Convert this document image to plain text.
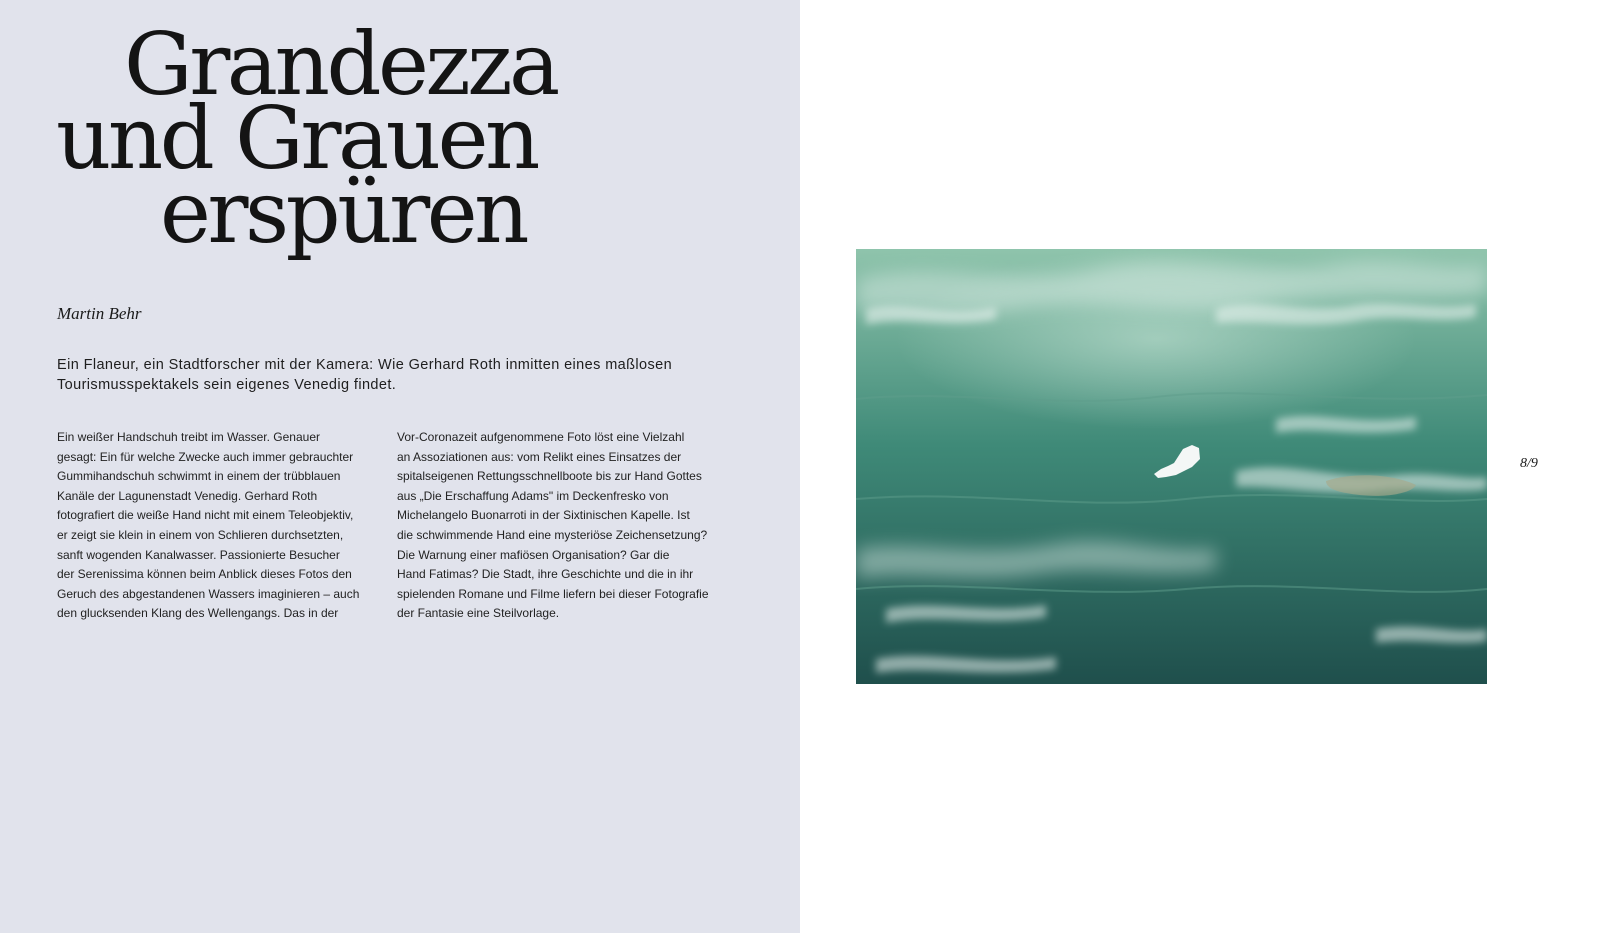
Grandezza
und Grauen
erspüren
Martin Behr

Ein Flaneur, ein Stadtforscher mit der Kamera: Wie Gerhard Roth inmitten eines maßlosen
Tourismusspektakels sein eigenes Venedig findet.

Ein weißer Handschuh treibt im Wasser. Genauer
gesagt: Ein für welche Zwecke auch immer gebrauchter
Gummihandschuh schwimmt in einem der trübblauen
Kanäle der Lagunenstadt Venedig. Gerhard Roth
fotografiert die weiße Hand nicht mit einem Teleobjektiv,
er zeigt sie klein in einem von Schlieren durchsetzten,
sanft wogenden Kanalwasser. Passionierte Besucher
der Serenissima können beim Anblick dieses Fotos den
Geruch des abgestandenen Wassers imaginieren – auch
den glucksenden Klang des Wellengangs. Das in der

Vor-Coronazeit aufgenommene Foto löst eine Vielzahl
an Assoziationen aus: vom Relikt eines Einsatzes der
spitalseigenen Rettungsschnellboote bis zur Hand Gottes
aus „Die Erschaffung Adams" im Deckenfresko von
Michelangelo Buonarroti in der Sixtinischen Kapelle. Ist
die schwimmende Hand eine mysteriöse Zeichensetzung?
Die Warnung einer mafiösen Organisation? Gar die
Hand Fatimas? Die Stadt, ihre Geschichte und die in ihr
spielenden Romane und Filme liefern bei dieser Fotografie
der Fantasie eine Steilvorlage.

8/9
